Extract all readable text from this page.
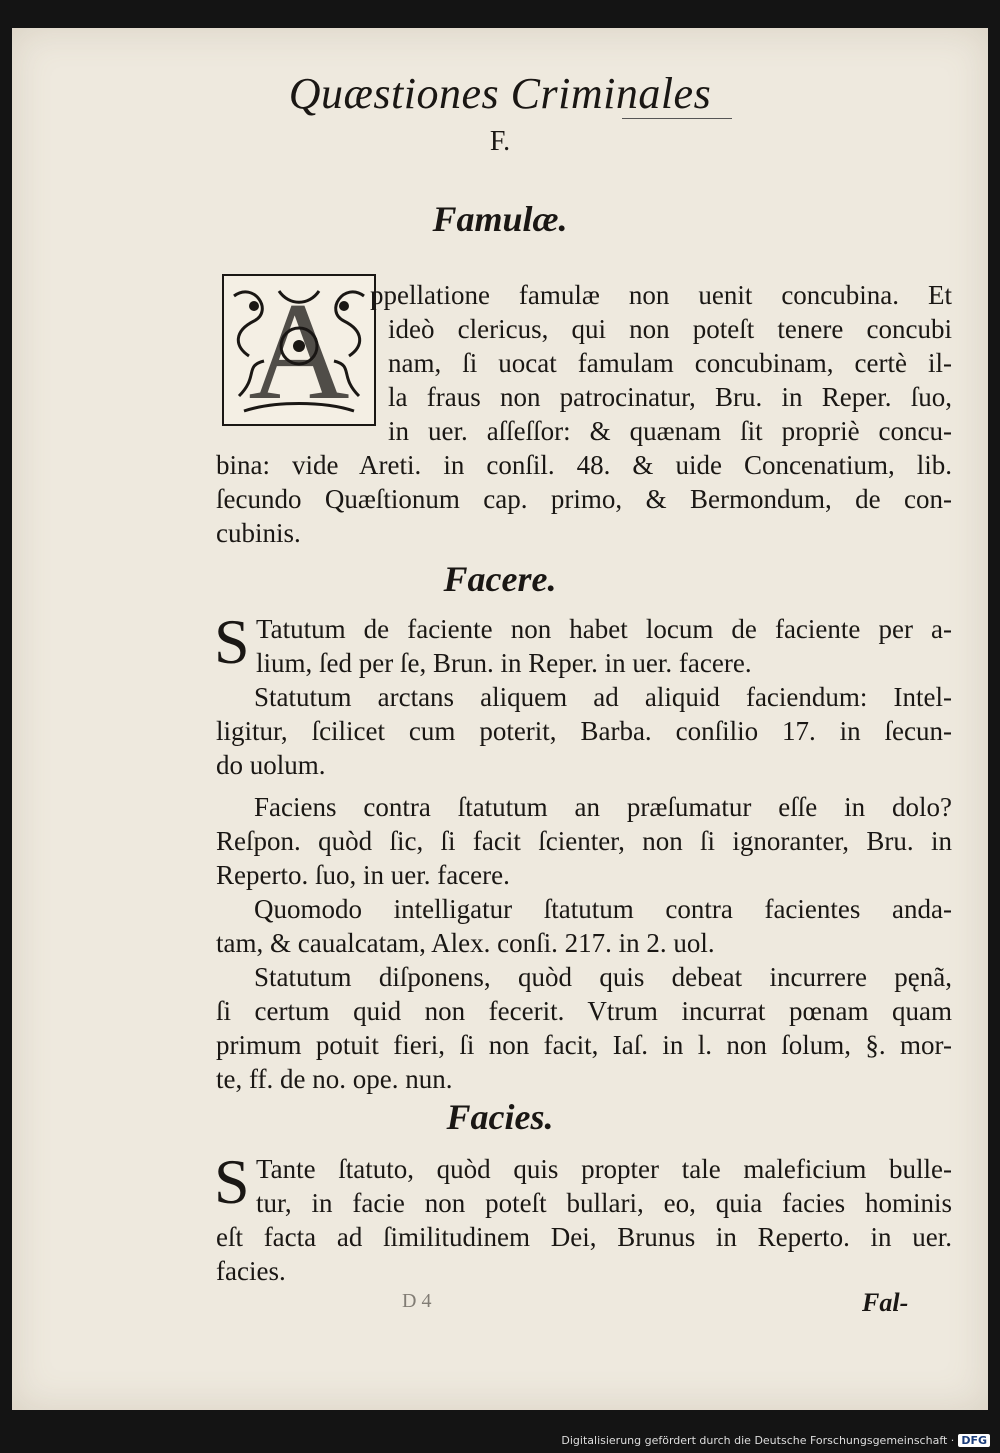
Quæstiones Criminales
F.
Famulæ.
A ppellatione famulæ non uenit concubina. Et
ideò clericus, qui non poteſt tenere concubi
nam, ſi uocat famulam concubinam, certè il-
la fraus non patrocinatur, Bru. in Reper. ſuo,
in uer. aſſeſſor: & quænam ſit propriè concu-
bina: vide Areti. in conſil. 48. & uide Concenatium, lib.
ſecundo Quæſtionum cap. primo, & Bermondum, de con-
cubinis.
Facere.
S Tatutum de faciente non habet locum de faciente per a-
lium, ſed per ſe, Brun. in Reper. in uer. facere.
Statutum arctans aliquem ad aliquid faciendum: Intel-
ligitur, ſcilicet cum poterit, Barba. conſilio 17. in ſecun-
do uolum.
Faciens contra ſtatutum an præſumatur eſſe in dolo?
Reſpon. quòd ſic, ſi facit ſcienter, non ſi ignoranter, Bru. in
Reperto. ſuo, in uer. facere.
Quomodo intelligatur ſtatutum contra facientes anda-
tam, & caualcatam, Alex. conſi. 217. in 2. uol.
Statutum diſponens, quòd quis debeat incurrere pęnã,
ſi certum quid non fecerit. Vtrum incurrat pœnam quam
primum potuit fieri, ſi non facit, Iaſ. in l. non ſolum, §. mor-
te, ff. de no. ope. nun.
Facies.
S Tante ſtatuto, quòd quis propter tale maleficium bulle-
tur, in facie non poteſt bullari, eo, quia facies hominis
eſt facta ad ſimilitudinem Dei, Brunus in Reperto. in uer.
facies.
D 4	Fal-
Digitalisierung gefördert durch die Deutsche Forschungsgemeinschaft · DFG
